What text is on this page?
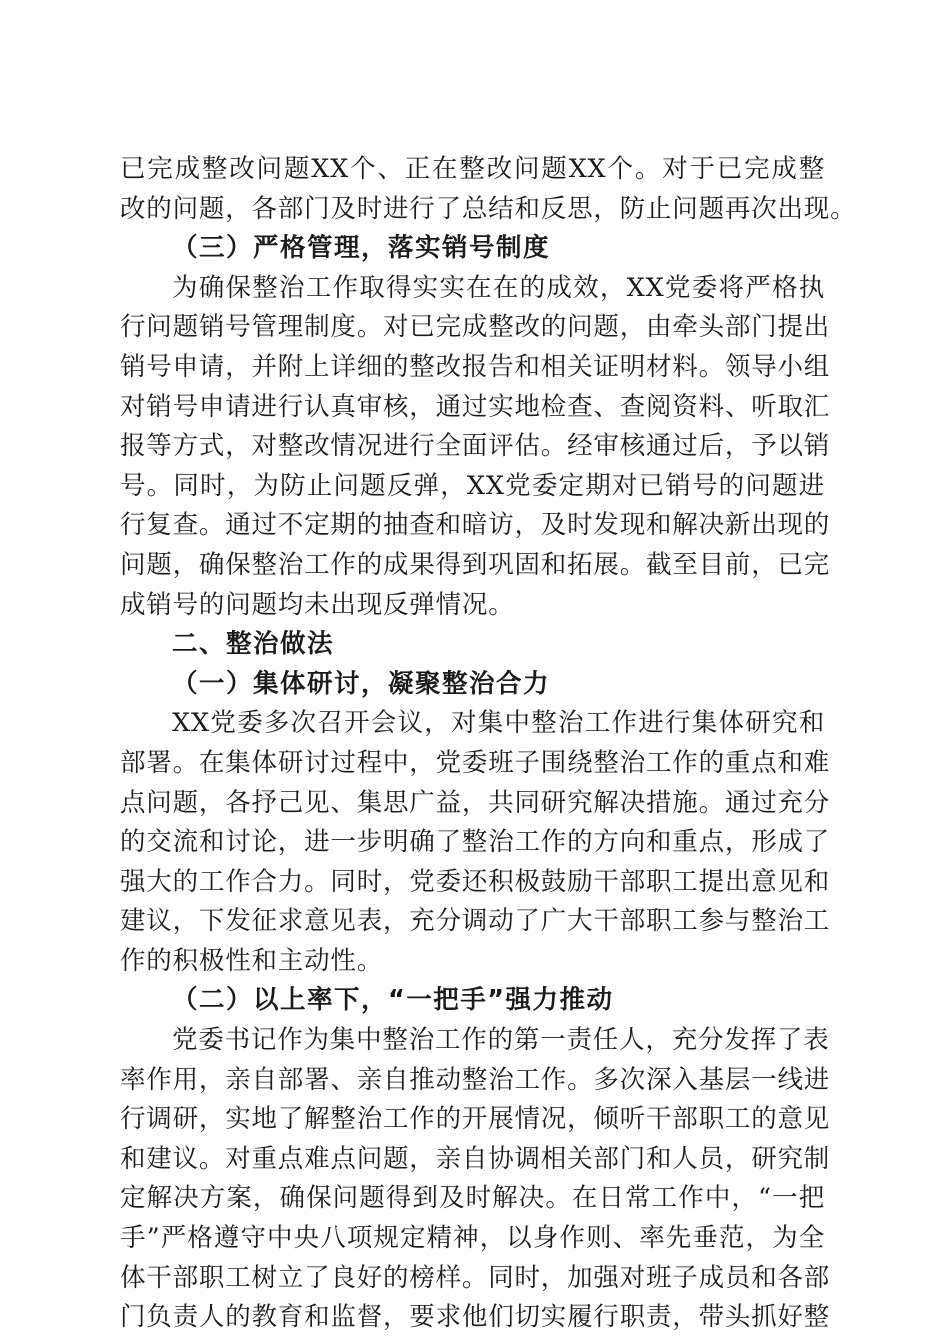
已完成整改问题XX个、正在整改问题XX个。对于已完成整
改的问题，各部门及时进行了总结和反思，防止问题再次出现。
（三）严格管理，落实销号制度
为确保整治工作取得实实在在的成效，XX党委将严格执
行问题销号管理制度。对已完成整改的问题，由牵头部门提出
销号申请，并附上详细的整改报告和相关证明材料。领导小组
对销号申请进行认真审核，通过实地检查、查阅资料、听取汇
报等方式，对整改情况进行全面评估。经审核通过后，予以销
号。同时，为防止问题反弹，XX党委定期对已销号的问题进
行复查。通过不定期的抽查和暗访，及时发现和解决新出现的
问题，确保整治工作的成果得到巩固和拓展。截至目前，已完
成销号的问题均未出现反弹情况。
二、整治做法
（一）集体研讨，凝聚整治合力
XX党委多次召开会议，对集中整治工作进行集体研究和
部署。在集体研讨过程中，党委班子围绕整治工作的重点和难
点问题，各抒己见、集思广益，共同研究解决措施。通过充分
的交流和讨论，进一步明确了整治工作的方向和重点，形成了
强大的工作合力。同时，党委还积极鼓励干部职工提出意见和
建议，下发征求意见表，充分调动了广大干部职工参与整治工
作的积极性和主动性。
（二）以上率下，“一把手”强力推动
党委书记作为集中整治工作的第一责任人，充分发挥了表
率作用，亲自部署、亲自推动整治工作。多次深入基层一线进
行调研，实地了解整治工作的开展情况，倾听干部职工的意见
和建议。对重点难点问题，亲自协调相关部门和人员，研究制
定解决方案，确保问题得到及时解决。在日常工作中，“一把
手”严格遵守中央八项规定精神，以身作则、率先垂范，为全
体干部职工树立了良好的榜样。同时，加强对班子成员和各部
门负责人的教育和监督，要求他们切实履行职责，带头抓好整
